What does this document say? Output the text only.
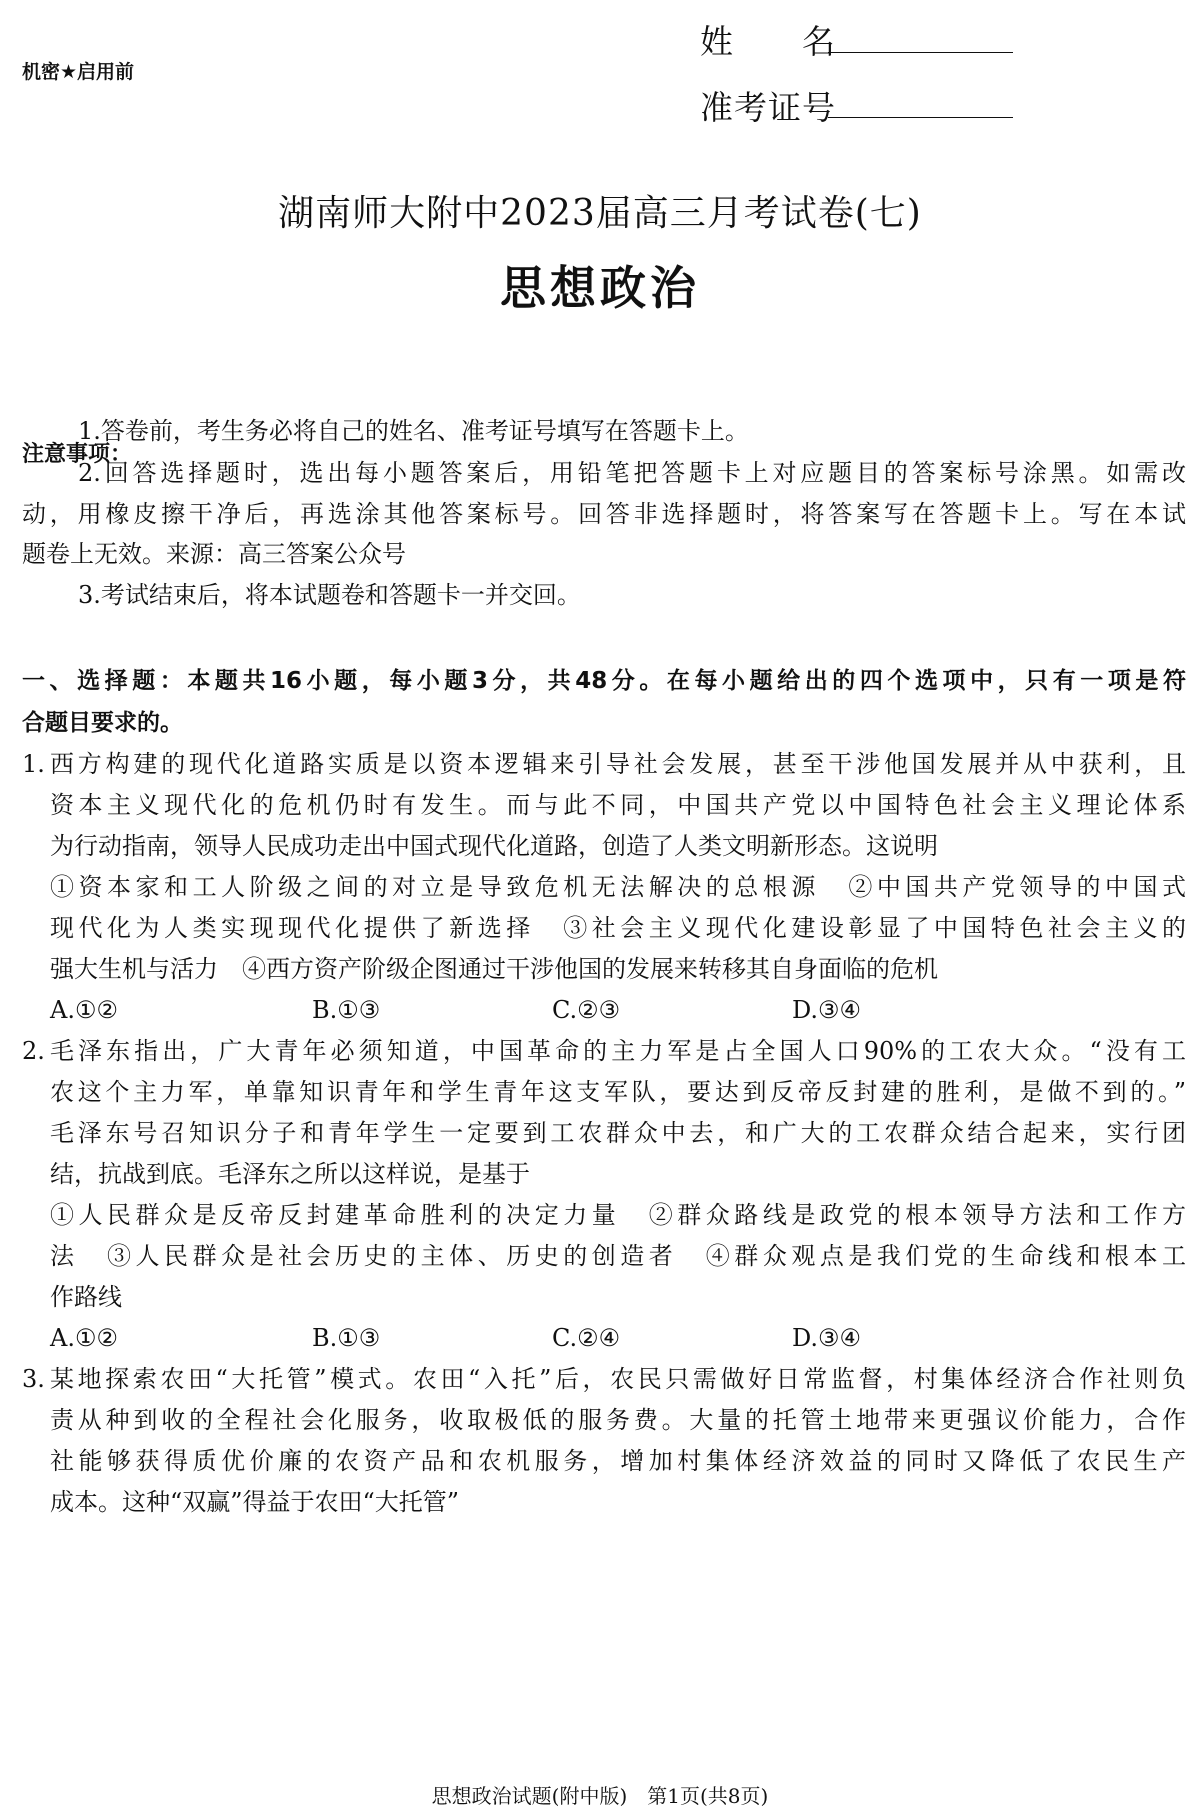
机密★启用前
姓　　名
准考证号
湖南师大附中2023届高三月考试卷(七)
思想政治
注意事项：
1.答卷前，考生务必将自己的姓名、准考证号填写在答题卡上。
2.回答选择题时，选出每小题答案后，用铅笔把答题卡上对应题目的答案标号涂黑。如需改
动，用橡皮擦干净后，再选涂其他答案标号。回答非选择题时，将答案写在答题卡上。写在本试
题卷上无效。来源：高三答案公众号
3.考试结束后，将本试题卷和答题卡一并交回。
一、选择题：本题共16小题，每小题3分，共48分。在每小题给出的四个选项中，只有一项是符
合题目要求的。
1. 西方构建的现代化道路实质是以资本逻辑来引导社会发展，甚至干涉他国发展并从中获利，且
资本主义现代化的危机仍时有发生。而与此不同，中国共产党以中国特色社会主义理论体系
为行动指南，领导人民成功走出中国式现代化道路，创造了人类文明新形态。这说明
①资本家和工人阶级之间的对立是导致危机无法解决的总根源　②中国共产党领导的中国式
现代化为人类实现现代化提供了新选择　③社会主义现代化建设彰显了中国特色社会主义的
强大生机与活力　④西方资产阶级企图通过干涉他国的发展来转移其自身面临的危机
A.①②	B.①③	C.②③	D.③④
2. 毛泽东指出，广大青年必须知道，中国革命的主力军是占全国人口90%的工农大众。“没有工
农这个主力军，单靠知识青年和学生青年这支军队，要达到反帝反封建的胜利，是做不到的。”
毛泽东号召知识分子和青年学生一定要到工农群众中去，和广大的工农群众结合起来，实行团
结，抗战到底。毛泽东之所以这样说，是基于
①人民群众是反帝反封建革命胜利的决定力量　②群众路线是政党的根本领导方法和工作方
法　③人民群众是社会历史的主体、历史的创造者　④群众观点是我们党的生命线和根本工
作路线
A.①②	B.①③	C.②④	D.③④
3. 某地探索农田“大托管”模式。农田“入托”后，农民只需做好日常监督，村集体经济合作社则负
责从种到收的全程社会化服务，收取极低的服务费。大量的托管土地带来更强议价能力，合作
社能够获得质优价廉的农资产品和农机服务，增加村集体经济效益的同时又降低了农民生产
成本。这种“双赢”得益于农田“大托管”
思想政治试题(附中版)　第1页(共8页)
